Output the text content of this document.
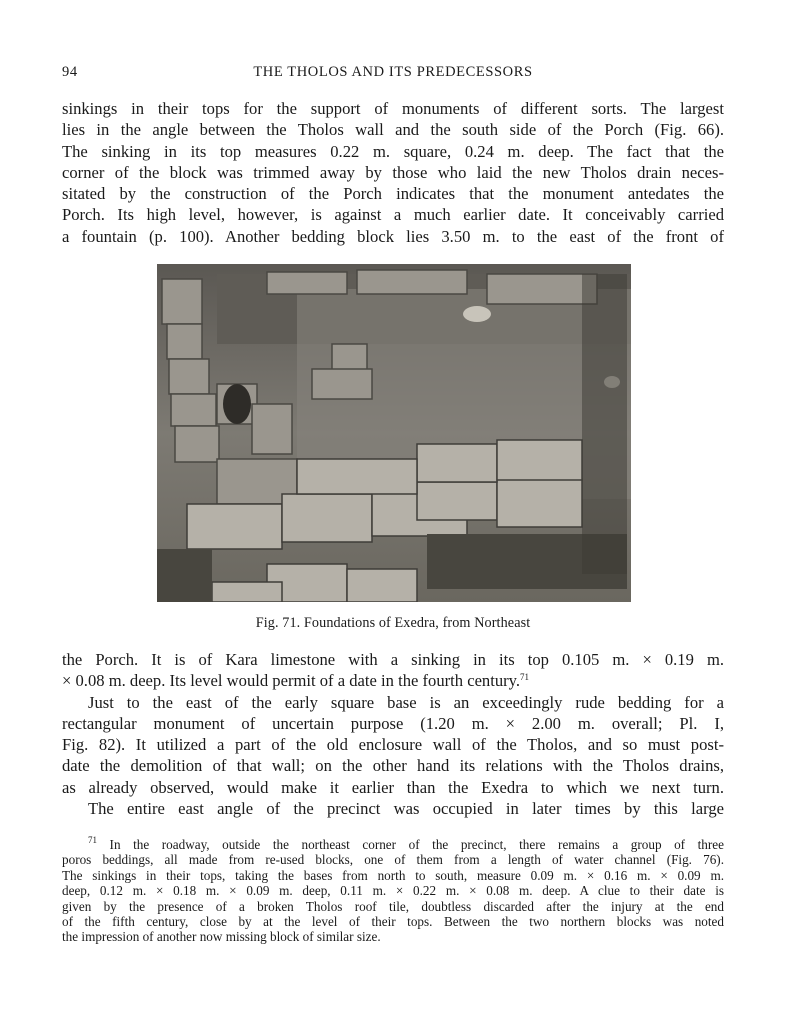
94	THE THOLOS AND ITS PREDECESSORS
sinkings in their tops for the support of monuments of different sorts. The largest
lies in the angle between the Tholos wall and the south side of the Porch (Fig. 66).
The sinking in its top measures 0.22 m. square, 0.24 m. deep. The fact that the
corner of the block was trimmed away by those who laid the new Tholos drain neces-
sitated by the construction of the Porch indicates that the monument antedates the
Porch. Its high level, however, is against a much earlier date. It conceivably carried
a fountain (p. 100). Another bedding block lies 3.50 m. to the east of the front of
Fig. 71. Foundations of Exedra, from Northeast
the Porch. It is of Kara limestone with a sinking in its top 0.105 m. × 0.19 m.
× 0.08 m. deep. Its level would permit of a date in the fourth century.$^{71}$
Just to the east of the early square base is an exceedingly rude bedding for a
rectangular monument of uncertain purpose (1.20 m. × 2.00 m. overall; Pl. I,
Fig. 82). It utilized a part of the old enclosure wall of the Tholos, and so must post-
date the demolition of that wall; on the other hand its relations with the Tholos drains,
as already observed, would make it earlier than the Exedra to which we next turn.
The entire east angle of the precinct was occupied in later times by this large
$^{71}$ In the roadway, outside the northeast corner of the precinct, there remains a group of three
poros beddings, all made from re-used blocks, one of them from a length of water channel (Fig. 76).
The sinkings in their tops, taking the bases from north to south, measure 0.09 m. × 0.16 m. × 0.09 m.
deep, 0.12 m. × 0.18 m. × 0.09 m. deep, 0.11 m. × 0.22 m. × 0.08 m. deep. A clue to their date is
given by the presence of a broken Tholos roof tile, doubtless discarded after the injury at the end
of the fifth century, close by at the level of their tops. Between the two northern blocks was noted
the impression of another now missing block of similar size.
